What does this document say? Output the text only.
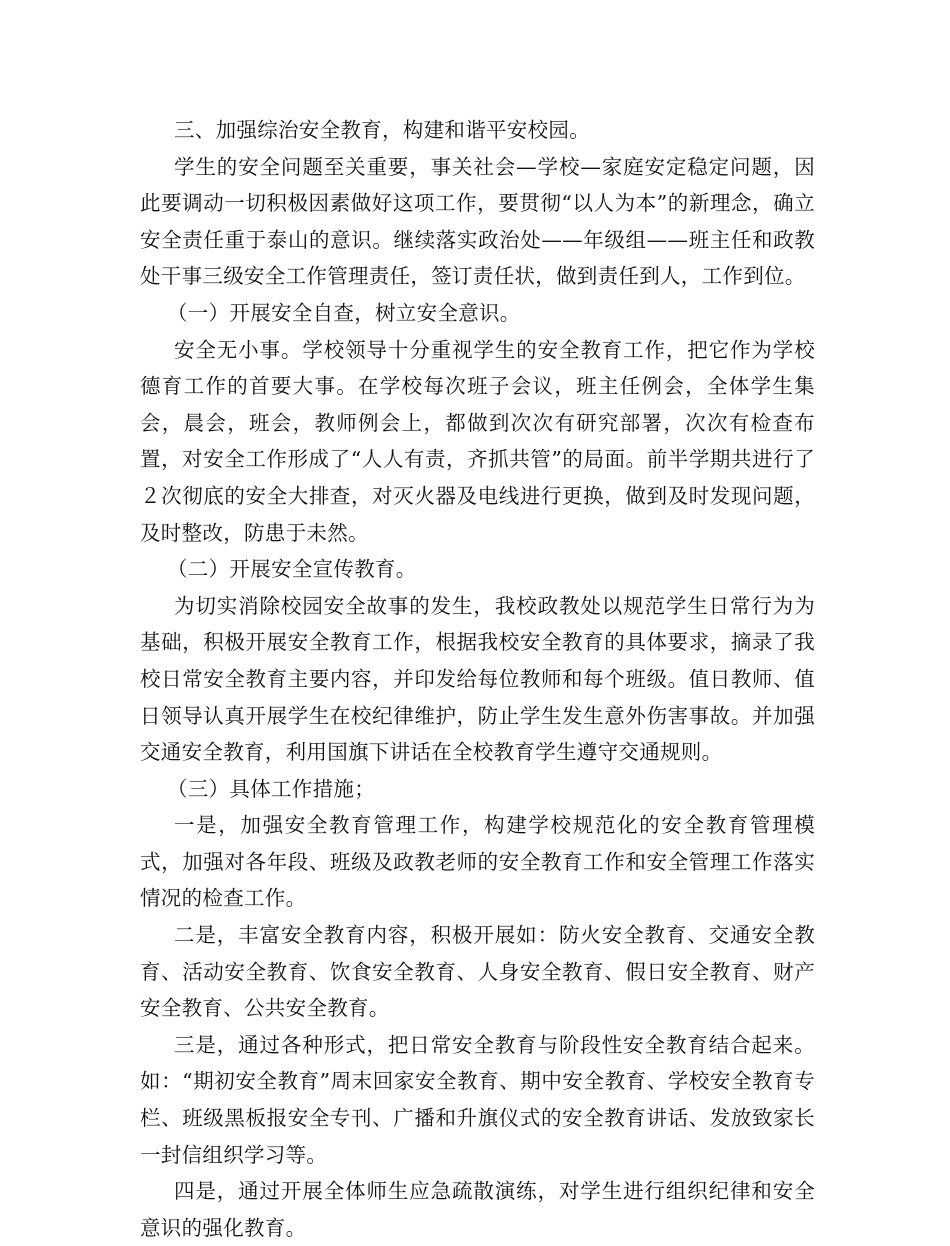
三、加强综治安全教育，构建和谐平安校园。

学生的安全问题至关重要，事关社会—学校—家庭安定稳定问题，因此要调动一切积极因素做好这项工作，要贯彻“以人为本”的新理念，确立安全责任重于泰山的意识。继续落实政治处——年级组——班主任和政教处干事三级安全工作管理责任，签订责任状，做到责任到人，工作到位。

（一）开展安全自查，树立安全意识。

安全无小事。学校领导十分重视学生的安全教育工作，把它作为学校德育工作的首要大事。在学校每次班子会议，班主任例会，全体学生集会，晨会，班会，教师例会上，都做到次次有研究部署，次次有检查布置，对安全工作形成了“人人有责，齐抓共管”的局面。前半学期共进行了２次彻底的安全大排查，对灭火器及电线进行更换，做到及时发现问题，及时整改，防患于未然。

（二）开展安全宣传教育。

为切实消除校园安全故事的发生，我校政教处以规范学生日常行为为基础，积极开展安全教育工作，根据我校安全教育的具体要求，摘录了我校日常安全教育主要内容，并印发给每位教师和每个班级。值日教师、值日领导认真开展学生在校纪律维护，防止学生发生意外伤害事故。并加强交通安全教育，利用国旗下讲话在全校教育学生遵守交通规则。

（三）具体工作措施；

一是，加强安全教育管理工作，构建学校规范化的安全教育管理模式，加强对各年段、班级及政教老师的安全教育工作和安全管理工作落实情况的检查工作。

二是，丰富安全教育内容，积极开展如：防火安全教育、交通安全教育、活动安全教育、饮食安全教育、人身安全教育、假日安全教育、财产安全教育、公共安全教育。

三是，通过各种形式，把日常安全教育与阶段性安全教育结合起来。如：“期初安全教育”周末回家安全教育、期中安全教育、学校安全教育专栏、班级黑板报安全专刊、广播和升旗仪式的安全教育讲话、发放致家长一封信组织学习等。

四是，通过开展全体师生应急疏散演练，对学生进行组织纪律和安全意识的强化教育。
